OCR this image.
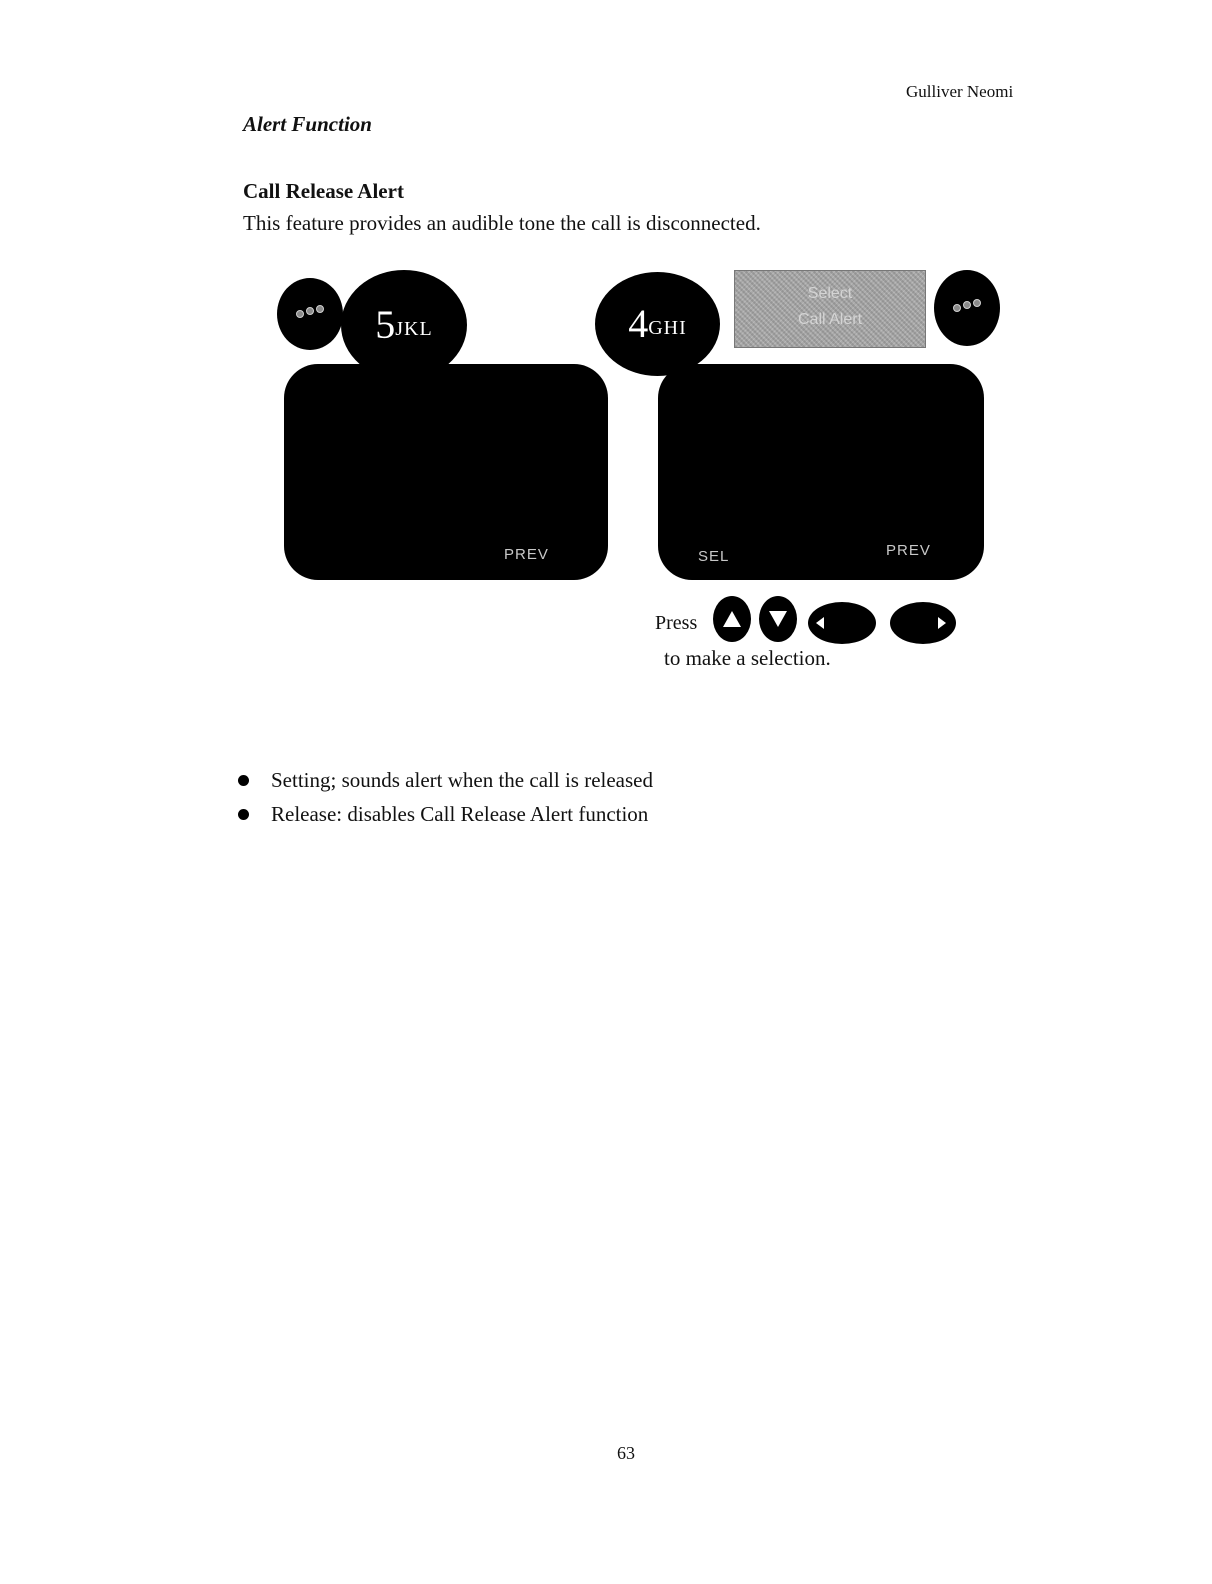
Gulliver Neomi
Alert Function
Call Release Alert
This feature provides an audible tone the call is disconnected.
5 JKL
PREV
4 GHI
Select
Call Alert
SEL	PREV
Press
to make a selection.
Setting; sounds alert when the call is released
Release: disables Call Release Alert function
63
